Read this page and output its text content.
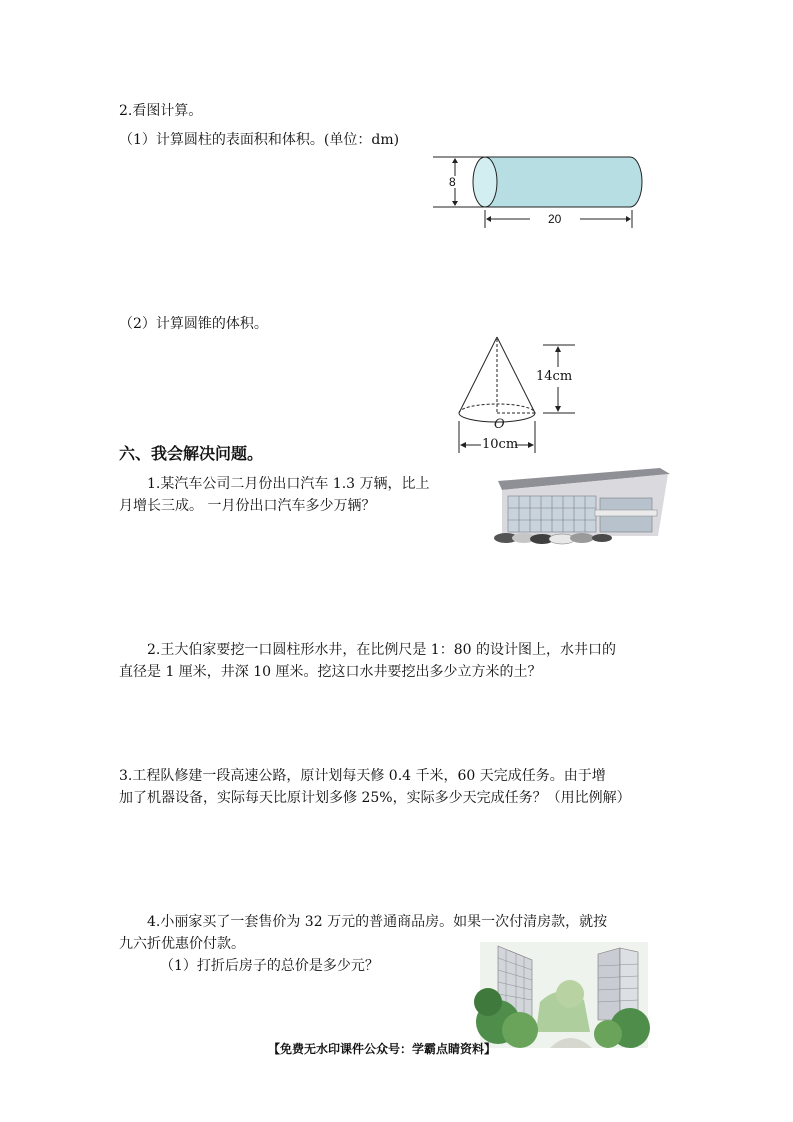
2.看图计算。
（1）计算圆柱的表面积和体积。(单位：dm)
8
20
（2）计算圆锥的体积。
O
14cm
10cm
六、我会解决问题。
1.某汽车公司二月份出口汽车 1.3 万辆，比上
月增长三成。 一月份出口汽车多少万辆？
2.王大伯家要挖一口圆柱形水井，在比例尺是 1：80 的设计图上，水井口的
直径是 1 厘米，井深 10 厘米。挖这口水井要挖出多少立方米的土？
3.工程队修建一段高速公路，原计划每天修 0.4 千米，60 天完成任务。由于增
加了机器设备，实际每天比原计划多修 25%，实际多少天完成任务？（用比例解）
4.小丽家买了一套售价为 32 万元的普通商品房。如果一次付清房款，就按
九六折优惠价付款。
（1）打折后房子的总价是多少元？
【免费无水印课件公众号：学霸点睛资料】
